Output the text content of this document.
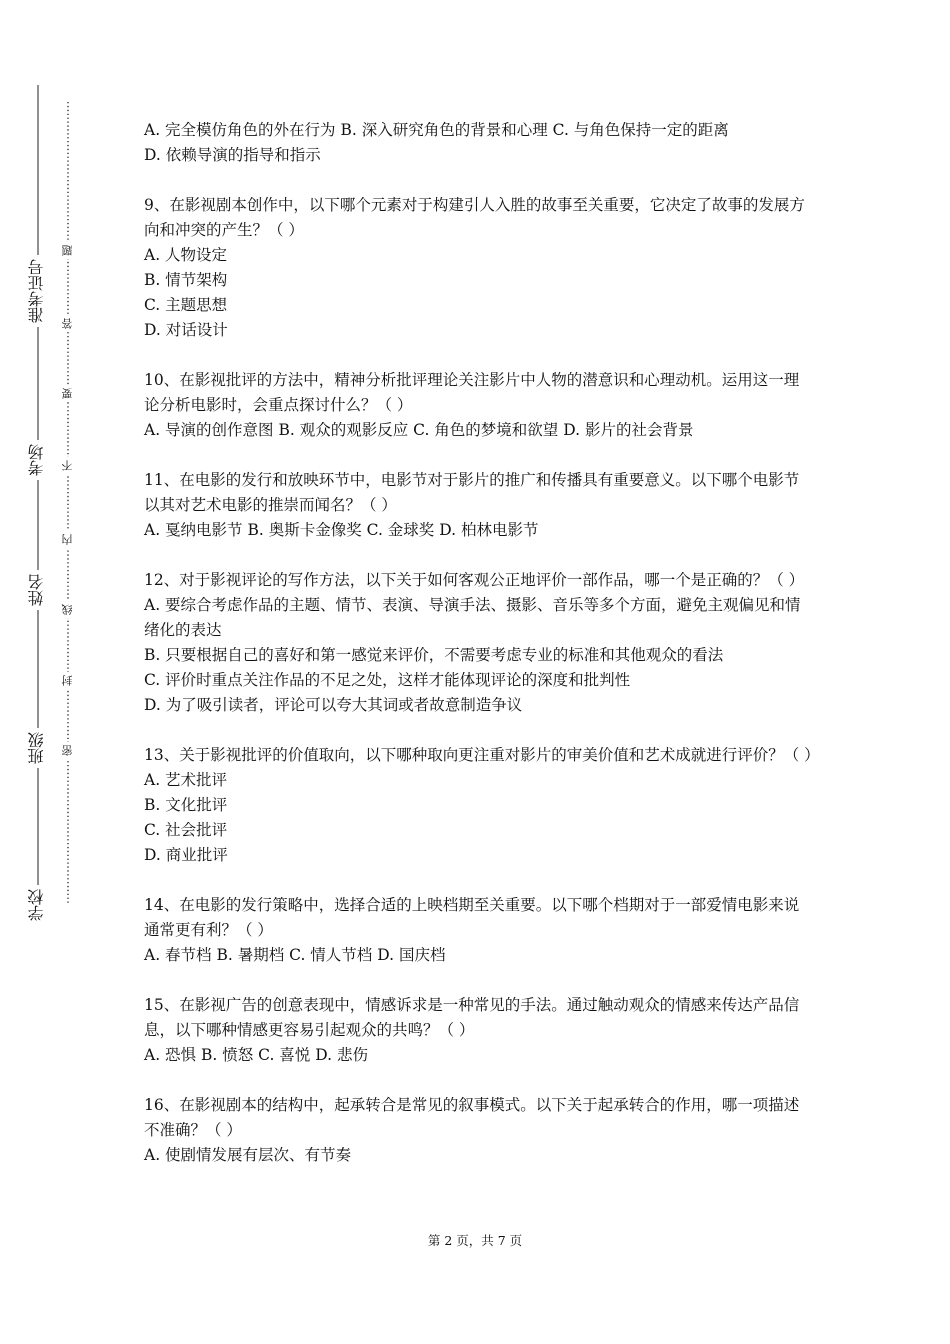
学校
班级
姓名
考场
准考证号
密
封
线
内
不
要
答
题
A. 完全模仿角色的外在行为 B. 深入研究角色的背景和心理 C. 与角色保持一定的距离
D. 依赖导演的指导和指示
9、在影视剧本创作中，以下哪个元素对于构建引人入胜的故事至关重要，它决定了故事的发展方向和冲突的产生？（ ）
A. 人物设定
B. 情节架构
C. 主题思想
D. 对话设计
10、在影视批评的方法中，精神分析批评理论关注影片中人物的潜意识和心理动机。运用这一理论分析电影时，会重点探讨什么？（ ）
A. 导演的创作意图 B. 观众的观影反应 C. 角色的梦境和欲望 D. 影片的社会背景
11、在电影的发行和放映环节中，电影节对于影片的推广和传播具有重要意义。以下哪个电影节以其对艺术电影的推崇而闻名？（ ）
A. 戛纳电影节 B. 奥斯卡金像奖 C. 金球奖 D. 柏林电影节
12、对于影视评论的写作方法，以下关于如何客观公正地评价一部作品，哪一个是正确的？（ ）
A. 要综合考虑作品的主题、情节、表演、导演手法、摄影、音乐等多个方面，避免主观偏见和情绪化的表达
B. 只要根据自己的喜好和第一感觉来评价，不需要考虑专业的标准和其他观众的看法
C. 评价时重点关注作品的不足之处，这样才能体现评论的深度和批判性
D. 为了吸引读者，评论可以夸大其词或者故意制造争议
13、关于影视批评的价值取向，以下哪种取向更注重对影片的审美价值和艺术成就进行评价？（ ）
A. 艺术批评
B. 文化批评
C. 社会批评
D. 商业批评
14、在电影的发行策略中，选择合适的上映档期至关重要。以下哪个档期对于一部爱情电影来说通常更有利？（ ）
A. 春节档 B. 暑期档 C. 情人节档 D. 国庆档
15、在影视广告的创意表现中，情感诉求是一种常见的手法。通过触动观众的情感来传达产品信息，以下哪种情感更容易引起观众的共鸣？（ ）
A. 恐惧 B. 愤怒 C. 喜悦 D. 悲伤
16、在影视剧本的结构中，起承转合是常见的叙事模式。以下关于起承转合的作用，哪一项描述不准确？（ ）
A. 使剧情发展有层次、有节奏
第 2 页，共 7 页
